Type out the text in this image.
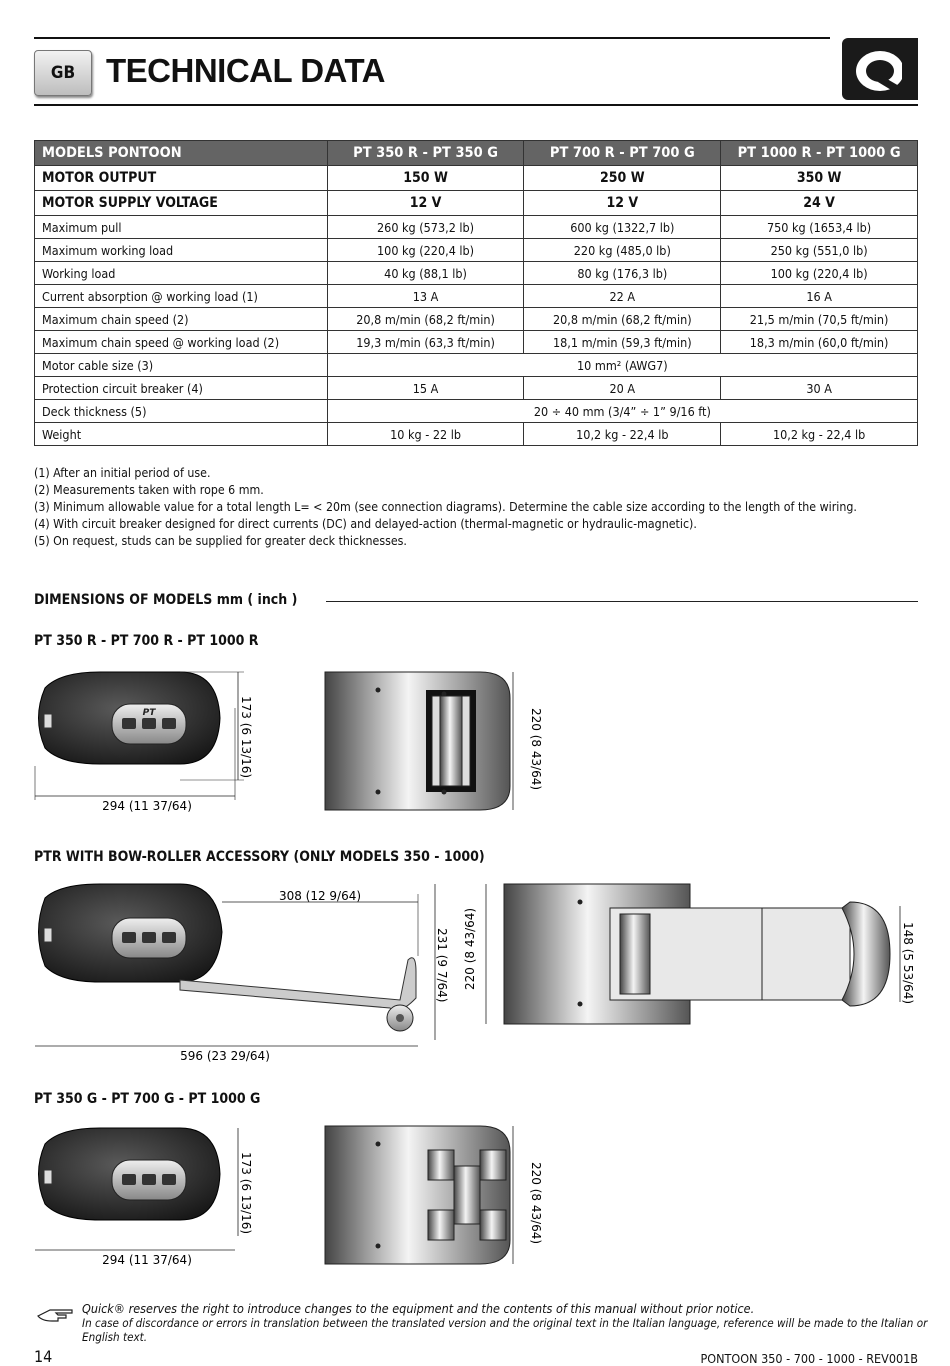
GB TECHNICAL DATA
MODELS PONTOON	PT 350 R - PT 350 G	PT 700 R - PT 700 G	PT 1000 R - PT 1000 G
MOTOR OUTPUT	150 W	250 W	350 W
MOTOR SUPPLY VOLTAGE	12 V	12 V	24 V
Maximum pull	260 kg (573,2 lb)	600 kg (1322,7 lb)	750 kg (1653,4 lb)
Maximum working load	100 kg (220,4 lb)	220 kg (485,0 lb)	250 kg (551,0 lb)
Working load	40 kg (88,1 lb)	80 kg (176,3 lb)	100 kg (220,4 lb)
Current absorption @ working load (1)	13 A	22 A	16 A
Maximum chain speed (2)	20,8 m/min (68,2 ft/min)	20,8 m/min (68,2 ft/min)	21,5 m/min (70,5 ft/min)
Maximum chain speed @ working load (2)	19,3 m/min (63,3 ft/min)	18,1 m/min (59,3 ft/min)	18,3 m/min (60,0 ft/min)
Motor cable size (3)	10 mm² (AWG7)		
Protection circuit breaker (4)	15 A	20 A	30 A
Deck thickness (5)	20 ÷ 40 mm (3/4” ÷ 1” 9/16 ft)		
Weight	10 kg - 22 lb	10,2 kg - 22,4 lb	10,2 kg - 22,4 lb
(1) After an initial period of use.
(2) Measurements taken with rope 6 mm.
(3) Minimum allowable value for a total length L= < 20m (see connection diagrams). Determine the cable size according to the length of the wiring.
(4) With circuit breaker designed for direct currents (DC) and delayed-action (thermal-magnetic or hydraulic-magnetic).
(5) On request, studs can be supplied for greater deck thicknesses.
DIMENSIONS OF MODELS mm ( inch )
PT 350 R - PT 700 R - PT 1000 R
PT
294 (11 37/64)
173 (6 13/16)	220 (8 43/64)
PTR WITH BOW-ROLLER ACCESSORY (ONLY MODELS 350 - 1000)
308 (12 9/64)
231 (9 7/64)
596 (23 29/64)
220 (8 43/64)	148 (5 53/64)
PT 350 G - PT 700 G - PT 1000 G
294 (11 37/64)
173 (6 13/16)	220 (8 43/64)
Quick® reserves the right to introduce changes to the equipment and the contents of this manual without prior notice.
In case of discordance or errors in translation between the translated version and the original text in the Italian language, reference will be made to the Italian or English text.
14	PONTOON 350 - 700 - 1000 - REV001B
